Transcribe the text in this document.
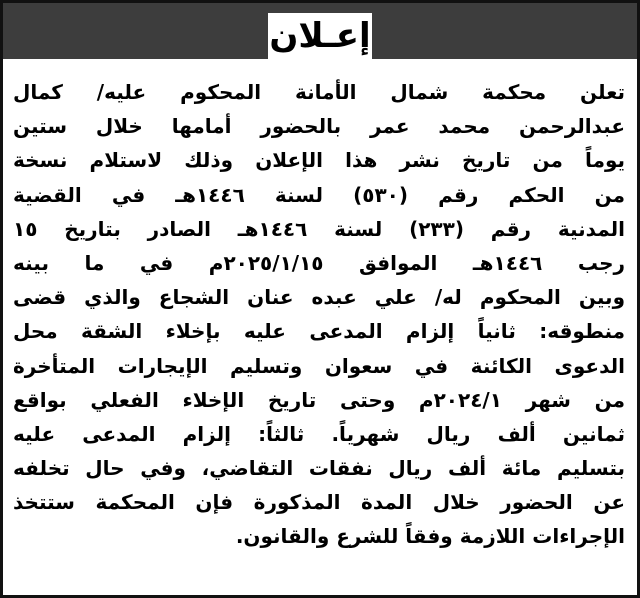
إعـلان
تعلن محكمة شمال الأمانة المحكوم عليه/ كمال
عبدالرحمن محمد عمر بالحضور أمامها خلال ستين
يوماً من تاريخ نشر هذا الإعلان وذلك لاستلام نسخة
من الحكم رقم (٥٣٠) لسنة ١٤٤٦هـ في القضية
المدنية رقم (٢٣٣) لسنة ١٤٤٦هـ الصادر بتاريخ ١٥
رجب ١٤٤٦هـ الموافق ٢٠٢٥/١/١٥م في ما بينه
وبين المحكوم له/ علي عبده عنان الشجاع والذي قضى
منطوقه: ثانياً إلزام المدعى عليه بإخلاء الشقة محل
الدعوى الكائنة في سعوان وتسليم الإيجارات المتأخرة
من شهر ٢٠٢٤/١م وحتى تاريخ الإخلاء الفعلي بواقع
ثمانين ألف ريال شهرياً. ثالثاً: إلزام المدعى عليه
بتسليم مائة ألف ريال نفقات التقاضي، وفي حال تخلفه
عن الحضور خلال المدة المذكورة فإن المحكمة ستتخذ
الإجراءات اللازمة وفقاً للشرع والقانون.
